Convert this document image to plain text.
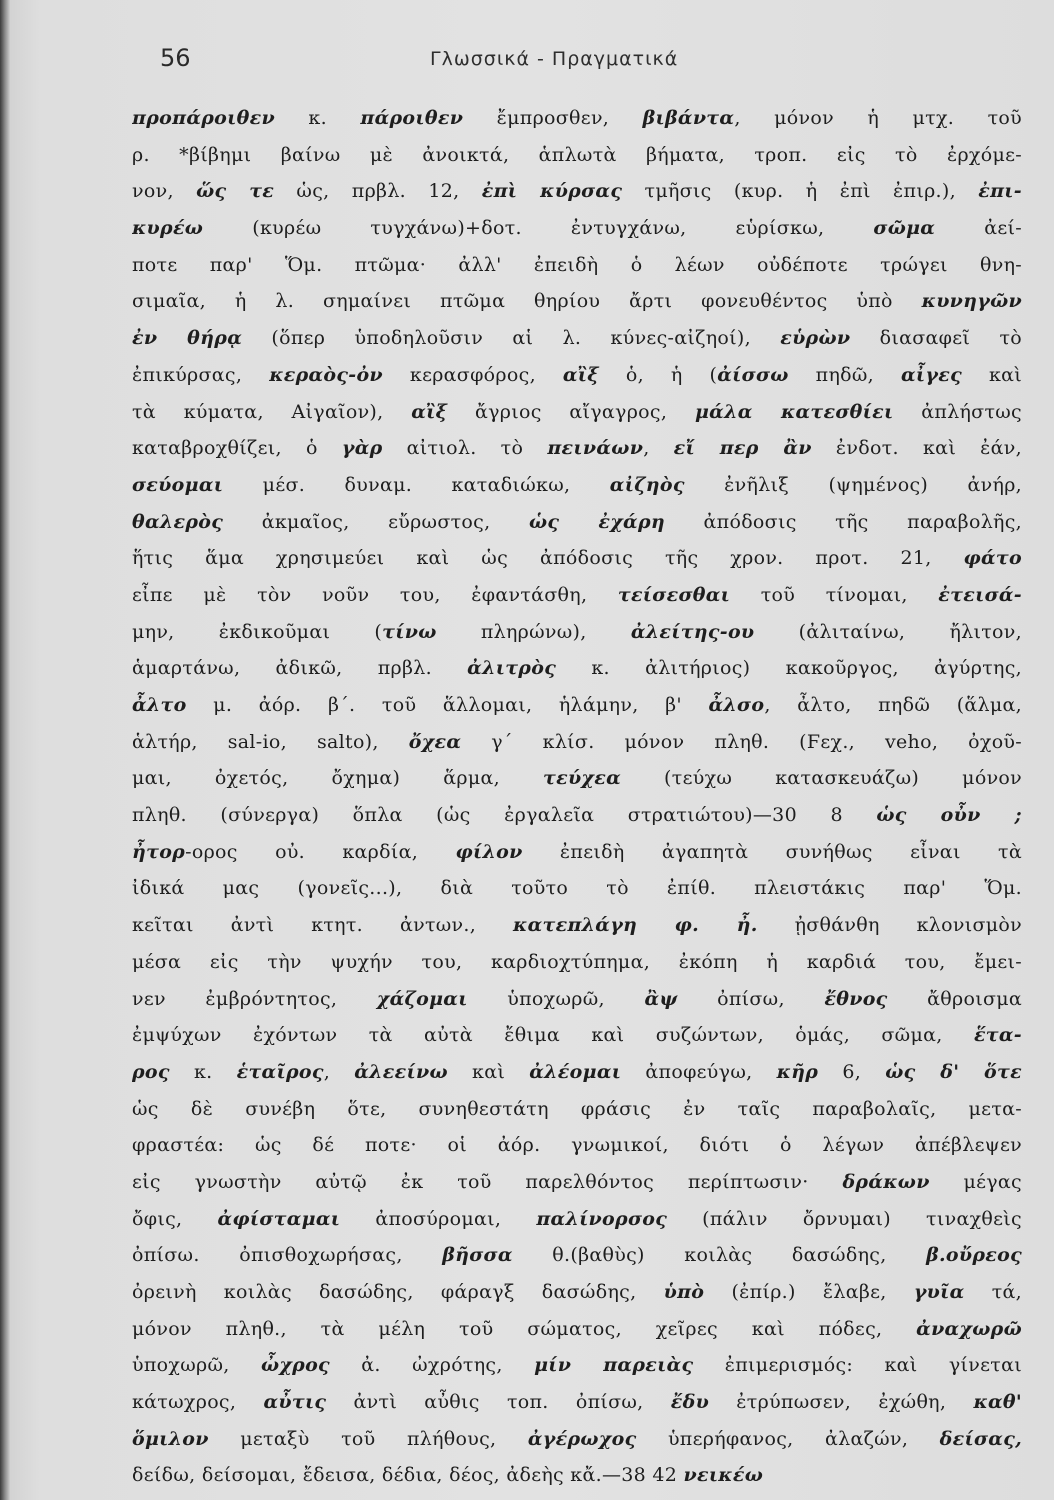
56	Γλωσσικά - Πραγματικά
προπάροιθεν κ. πάροιθεν ἔμπροσθεν, βιβάντα, μόνον ἡ μτχ. τοῦ
ρ. *βίβημι βαίνω μὲ ἀνοικτά, ἁπλωτὰ βήματα, τροπ. εἰς τὸ ἐρχόμε-
νον, ὥς τε ὡς, πρβλ. 12, ἐπὶ κύρσας τμῆσις (κυρ. ἡ ἐπὶ ἐπιρ.), ἐπι-
κυρέω (κυρέω τυγχάνω)+δοτ. ἐντυγχάνω, εὑρίσκω, σῶμα ἀεί-
ποτε παρ' Ὅμ. πτῶμα· ἀλλ' ἐπειδὴ ὁ λέων οὐδέποτε τρώγει θνη-
σιμαῖα, ἡ λ. σημαίνει πτῶμα θηρίου ἄρτι φονευθέντος ὑπὸ κυνηγῶν
ἐν θήρᾳ (ὅπερ ὑποδηλοῦσιν αἱ λ. κύνες-αἰζηοί), εὑρὼν διασαφεῖ τὸ
ἐπικύρσας, κεραὸς-ὀν κερασφόρος, αἲξ ὁ, ἡ (ἀίσσω πηδῶ, αἶγες καὶ
τὰ κύματα, Αἰγαῖον), αἲξ ἄγριος αἴγαγρος, μάλα κατεσθίει ἀπλήστως
καταβροχθίζει, ὁ γὰρ αἰτιολ. τὸ πεινάων, εἴ περ ἂν ἐνδοτ. καὶ ἐάν,
σεύομαι μέσ. δυναμ. καταδιώκω, αἰζηὸς ἐνῆλιξ (ψημένος) ἀνήρ,
θαλερὸς ἀκμαῖος, εὔρωστος, ὡς ἐχάρη ἀπόδοσις τῆς παραβολῆς,
ἥτις ἅμα χρησιμεύει καὶ ὡς ἀπόδοσις τῆς χρον. προτ. 21, φάτο
εἶπε μὲ τὸν νοῦν του, ἐφαντάσθη, τείσεσθαι τοῦ τίνομαι, ἐτεισά-
μην, ἐκδικοῦμαι (τίνω πληρώνω), ἀλείτης-ου (ἀλιταίνω, ἤλιτον,
ἁμαρτάνω, ἀδικῶ, πρβλ. ἀλιτρὸς κ. ἀλιτήριος) κακοῦργος, ἀγύρτης,
ἆλτο μ. ἀόρ. β΄. τοῦ ἅλλομαι, ἡλάμην, β' ἆλσο, ἆλτο, πηδῶ (ἅλμα,
ἁλτήρ, sal-io, salto), ὄχεα γ΄ κλίσ. μόνον πληθ. (Ϝεχ., veho, ὀχοῦ-
μαι, ὀχετός, ὄχημα) ἅρμα, τεύχεα (τεύχω κατασκευάζω) μόνον
πληθ. (σύνεργα) ὅπλα (ὡς ἐργαλεῖα στρατιώτου)—30 8 ὡς οὖν ;
ἦτορ-ορος οὐ. καρδία, φίλον ἐπειδὴ ἀγαπητὰ συνήθως εἶναι τὰ
ἰδικά μας (γονεῖς...), διὰ τοῦτο τὸ ἐπίθ. πλειστάκις παρ' Ὅμ.
κεῖται ἀντὶ κτητ. ἀντων., κατεπλάγη φ. ἦ. ᾐσθάνθη κλονισμὸν
μέσα εἰς τὴν ψυχήν του, καρδιοχτύπημα, ἐκόπη ἡ καρδιά του, ἔμει-
νεν ἐμβρόντητος, χάζομαι ὑποχωρῶ, ἂψ ὀπίσω, ἔθνος ἄθροισμα
ἐμψύχων ἐχόντων τὰ αὐτὰ ἔθιμα καὶ συζώντων, ὁμάς, σῶμα, ἕτα-
ρος κ. ἑταῖρος, ἀλεείνω καὶ ἀλέομαι ἀποφεύγω, κῆρ 6, ὡς δ' ὅτε
ὡς δὲ συνέβη ὅτε, συνηθεστάτη φράσις ἐν ταῖς παραβολαῖς, μετα-
φραστέα: ὡς δέ ποτε· οἱ ἀόρ. γνωμικοί, διότι ὁ λέγων ἀπέβλεψεν
εἰς γνωστὴν αὐτῷ ἐκ τοῦ παρελθόντος περίπτωσιν· δράκων μέγας
ὄφις, ἀφίσταμαι ἀποσύρομαι, παλίνορσος (πάλιν ὄρνυμαι) τιναχθεὶς
ὀπίσω. ὀπισθοχωρήσας, βῆσσα θ.(βαθὺς) κοιλὰς δασώδης, β.οὔρεος
ὀρεινὴ κοιλὰς δασώδης, φάραγξ δασώδης, ὑπὸ (ἐπίρ.) ἔλαβε, γυῖα τά,
μόνον πληθ., τὰ μέλη τοῦ σώματος, χεῖρες καὶ πόδες, ἀναχωρῶ
ὑποχωρῶ, ὦχρος ἀ. ὠχρότης, μίν παρειὰς ἐπιμερισμός: καὶ γίνεται
κάτωχρος, αὖτις ἀντὶ αὖθις τοπ. ὀπίσω, ἔδυ ἐτρύπωσεν, ἐχώθη, καθ'
ὅμιλον μεταξὺ τοῦ πλήθους, ἀγέρωχος ὑπερήφανος, ἀλαζών, δείσας,
δείδω, δείσομαι, ἔδεισα, δέδια, δέος, ἀδεὴς κἄ.—38 42 νεικέω
